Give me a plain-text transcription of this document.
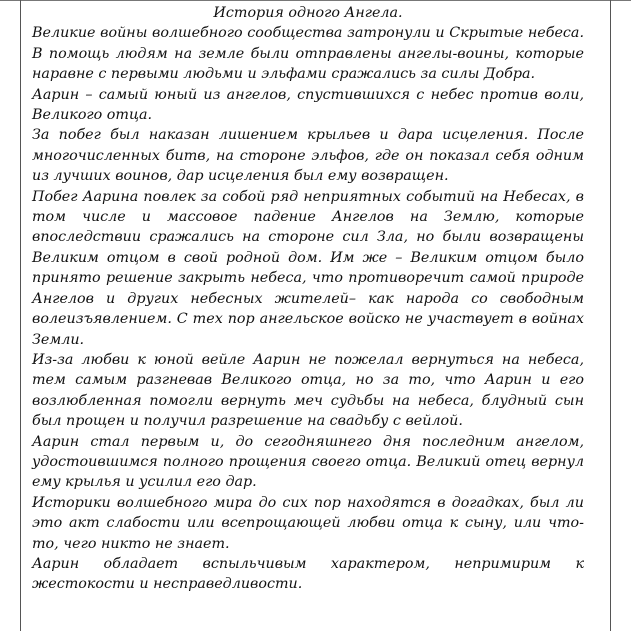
История одного Ангела.

Великие войны волшебного сообщества затронули и Скрытые небеса. В помощь людям на земле были отправлены ангелы-воины, которые наравне с первыми людьми и эльфами сражались за силы Добра.

Аарин – самый юный из ангелов, спустившихся с небес против воли, Великого отца.

За побег был наказан лишением крыльев и дара исцеления. После многочисленных битв, на стороне эльфов, где он показал себя одним из лучших воинов, дар исцеления был ему возвращен.

Побег Аарина повлек за собой ряд неприятных событий на Небесах, в том числе и массовое падение Ангелов на Землю, которые впоследствии сражались на стороне сил Зла, но были возвращены Великим отцом в свой родной дом. Им же – Великим отцом было принято решение закрыть небеса, что противоречит самой природе Ангелов и других небесных жителей– как народа со свободным волеизъявлением. С тех пор ангельское войско не участвует в войнах Земли.

Из-за любви к юной вейле Аарин не пожелал вернуться на небеса, тем самым разгневав Великого отца, но за то, что Аарин и его возлюбленная помогли вернуть меч судьбы на небеса, блудный сын был прощен и получил разрешение на свадьбу с вейлой.

Аарин стал первым и, до сегодняшнего дня последним ангелом, удостоившимся полного прощения своего отца. Великий отец вернул ему крылья и усилил его дар.

Историки волшебного мира до сих пор находятся в догадках, был ли это акт слабости или всепрощающей любви отца к сыну, или что-то, чего никто не знает.

Аарин обладает вспыльчивым характером, непримирим к жестокости и несправедливости.
